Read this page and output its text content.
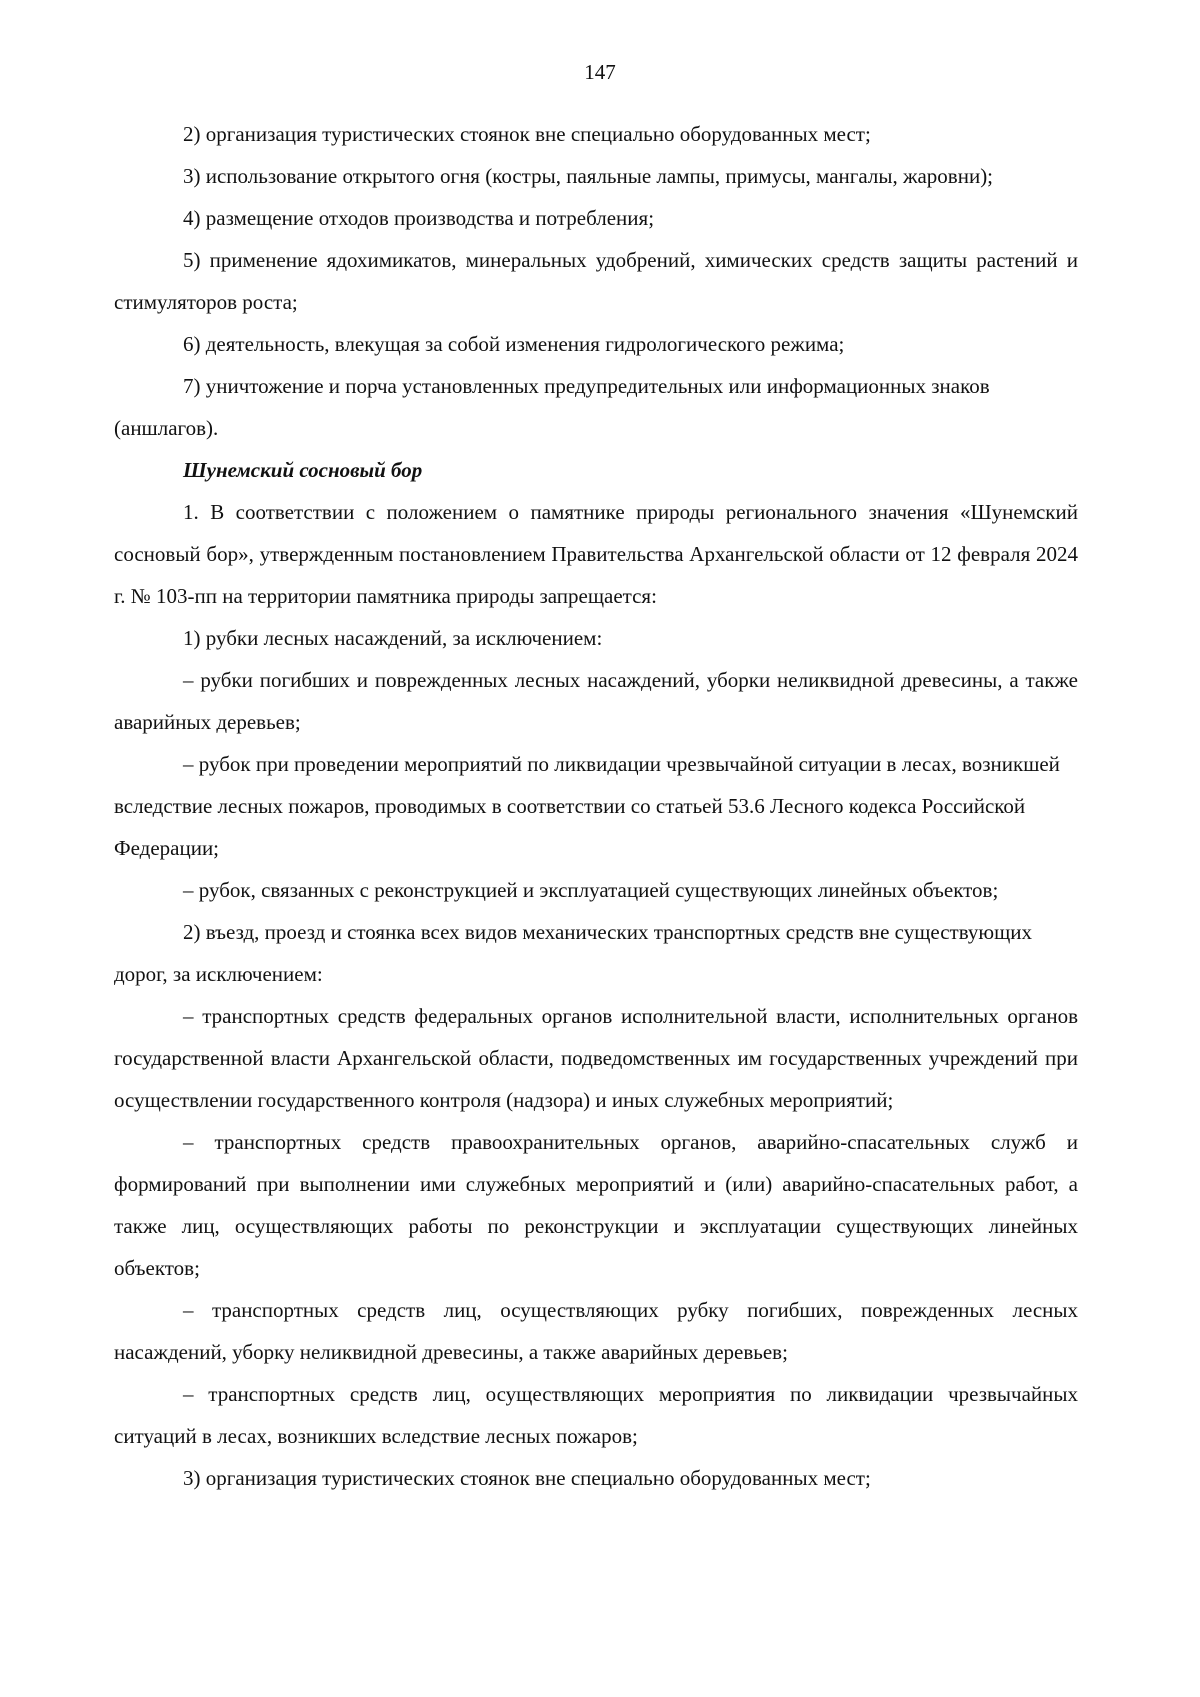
147

2) организация туристических стоянок вне специально оборудованных мест;

3) использование открытого огня (костры, паяльные лампы, примусы, мангалы, жаровни);

4) размещение отходов производства и потребления;

5) применение ядохимикатов, минеральных удобрений, химических средств защиты растений и стимуляторов роста;

6) деятельность, влекущая за собой изменения гидрологического режима;

7) уничтожение и порча установленных предупредительных или информационных знаков (аншлагов).

Шунемский сосновый бор

1. В соответствии с положением о памятнике природы регионального значения «Шунемский сосновый бор», утвержденным постановлением Правительства Архангельской области от 12 февраля 2024 г. № 103-пп на территории памятника природы запрещается:

1) рубки лесных насаждений, за исключением:

– рубки погибших и поврежденных лесных насаждений, уборки неликвидной древесины, а также аварийных деревьев;

– рубок при проведении мероприятий по ликвидации чрезвычайной ситуации в лесах, возникшей вследствие лесных пожаров, проводимых в соответствии со статьей 53.6 Лесного кодекса Российской Федерации;

– рубок, связанных с реконструкцией и эксплуатацией существующих линейных объектов;

2) въезд, проезд и стоянка всех видов механических транспортных средств вне существующих дорог, за исключением:

– транспортных средств федеральных органов исполнительной власти, исполнительных органов государственной власти Архангельской области, подведомственных им государственных учреждений при осуществлении государственного контроля (надзора) и иных служебных мероприятий;

– транспортных средств правоохранительных органов, аварийно-спасательных служб и формирований при выполнении ими служебных мероприятий и (или) аварийно-спасательных работ, а также лиц, осуществляющих работы по реконструкции и эксплуатации существующих линейных объектов;

– транспортных средств лиц, осуществляющих рубку погибших, поврежденных лесных насаждений, уборку неликвидной древесины, а также аварийных деревьев;

– транспортных средств лиц, осуществляющих мероприятия по ликвидации чрезвычайных ситуаций в лесах, возникших вследствие лесных пожаров;

3) организация туристических стоянок вне специально оборудованных мест;
